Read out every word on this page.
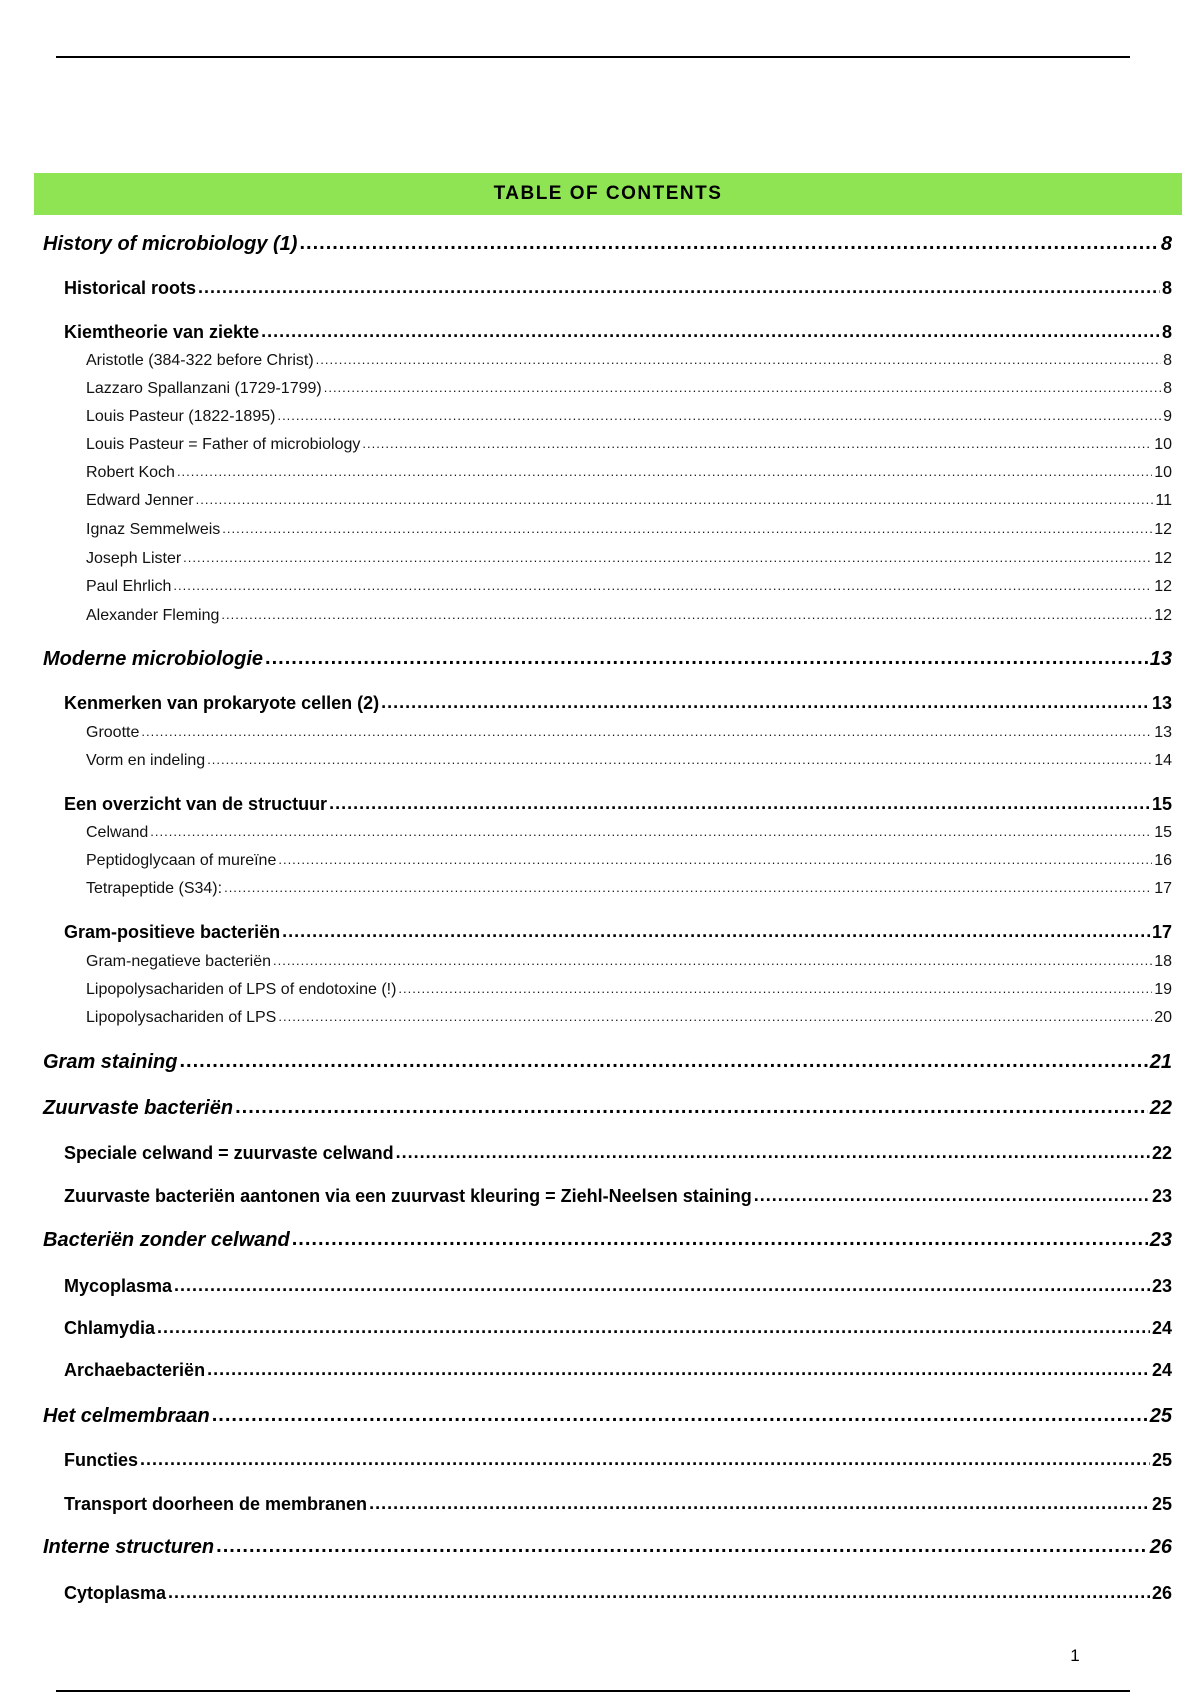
TABLE OF CONTENTS
History of microbiology (1) .....	8
Historical roots .....	8
Kiemtheorie van ziekte .....	8
Aristotle (384-322 before Christ) .....	8
Lazzaro Spallanzani (1729-1799) .....	8
Louis Pasteur (1822-1895) .....	9
Louis Pasteur = Father of microbiology .....	10
Robert Koch .....	10
Edward Jenner .....	11
Ignaz Semmelweis .....	12
Joseph Lister .....	12
Paul Ehrlich .....	12
Alexander Fleming .....	12
Moderne microbiologie .....	13
Kenmerken van prokaryote cellen (2) .....	13
Grootte .....	13
Vorm en indeling .....	14
Een overzicht van de structuur .....	15
Celwand .....	15
Peptidoglycaan of mureïne .....	16
Tetrapeptide (S34): .....	17
Gram-positieve bacteriën .....	17
Gram-negatieve bacteriën .....	18
Lipopolysachariden of LPS of endotoxine (!) .....	19
Lipopolysachariden of LPS .....	20
Gram staining .....	21
Zuurvaste bacteriën .....	22
Speciale celwand = zuurvaste celwand .....	22
Zuurvaste bacteriën aantonen via een zuurvast kleuring = Ziehl-Neelsen staining .....	23
Bacteriën zonder celwand .....	23
Mycoplasma .....	23
Chlamydia .....	24
Archaebacteriën .....	24
Het celmembraan .....	25
Functies .....	25
Transport doorheen de membranen .....	25
Interne structuren .....	26
Cytoplasma .....	26
1
